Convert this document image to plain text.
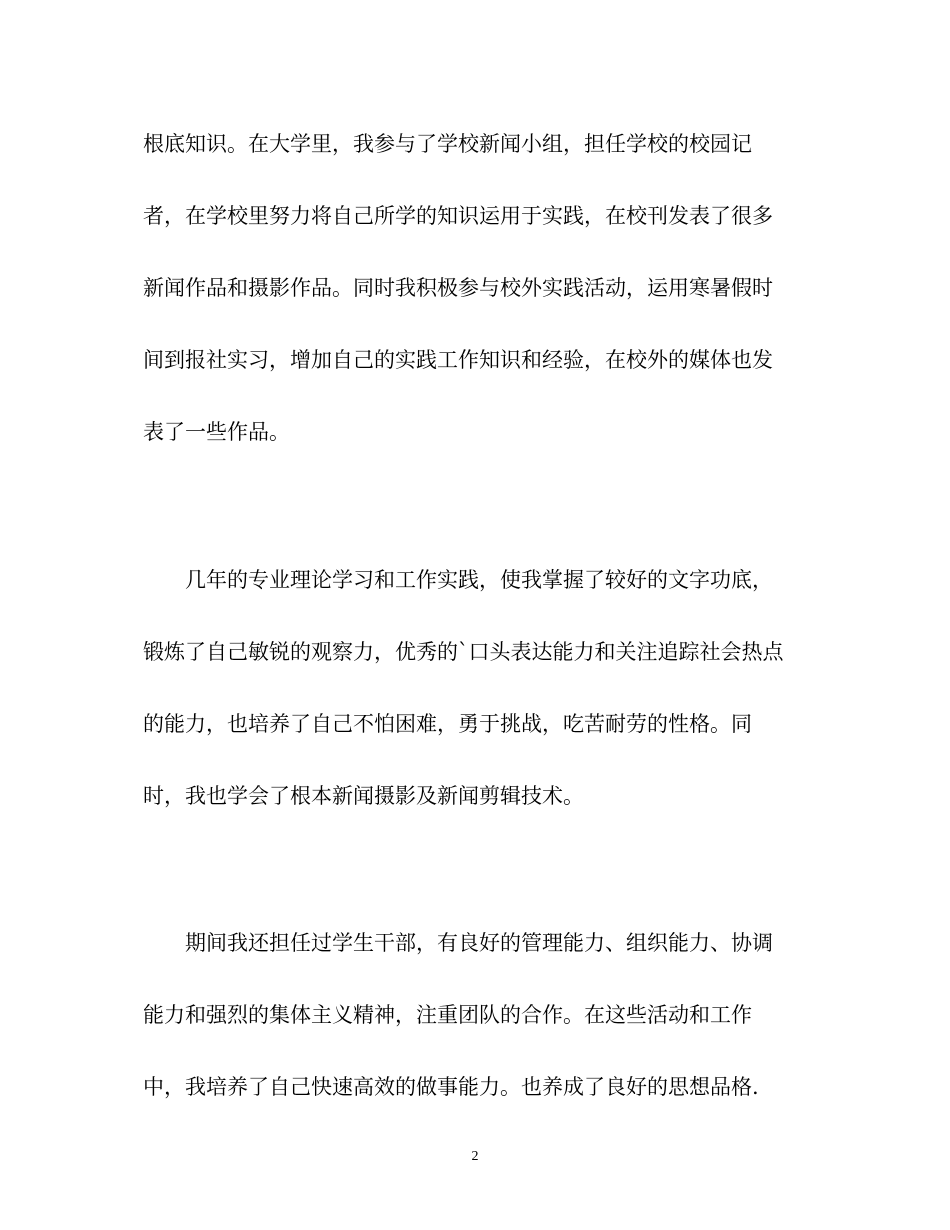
根底知识。在大学里，我参与了学校新闻小组，担任学校的校园记
者，在学校里努力将自己所学的知识运用于实践，在校刊发表了很多
新闻作品和摄影作品。同时我积极参与校外实践活动，运用寒暑假时
间到报社实习，增加自己的实践工作知识和经验，在校外的媒体也发
表了一些作品。
几年的专业理论学习和工作实践，使我掌握了较好的文字功底，
锻炼了自己敏锐的观察力，优秀的`口头表达能力和关注追踪社会热点
的能力，也培养了自己不怕困难，勇于挑战，吃苦耐劳的性格。同
时，我也学会了根本新闻摄影及新闻剪辑技术。
期间我还担任过学生干部，有良好的管理能力、组织能力、协调
能力和强烈的集体主义精神，注重团队的合作。在这些活动和工作
中，我培养了自己快速高效的做事能力。也养成了良好的思想品格.
2
